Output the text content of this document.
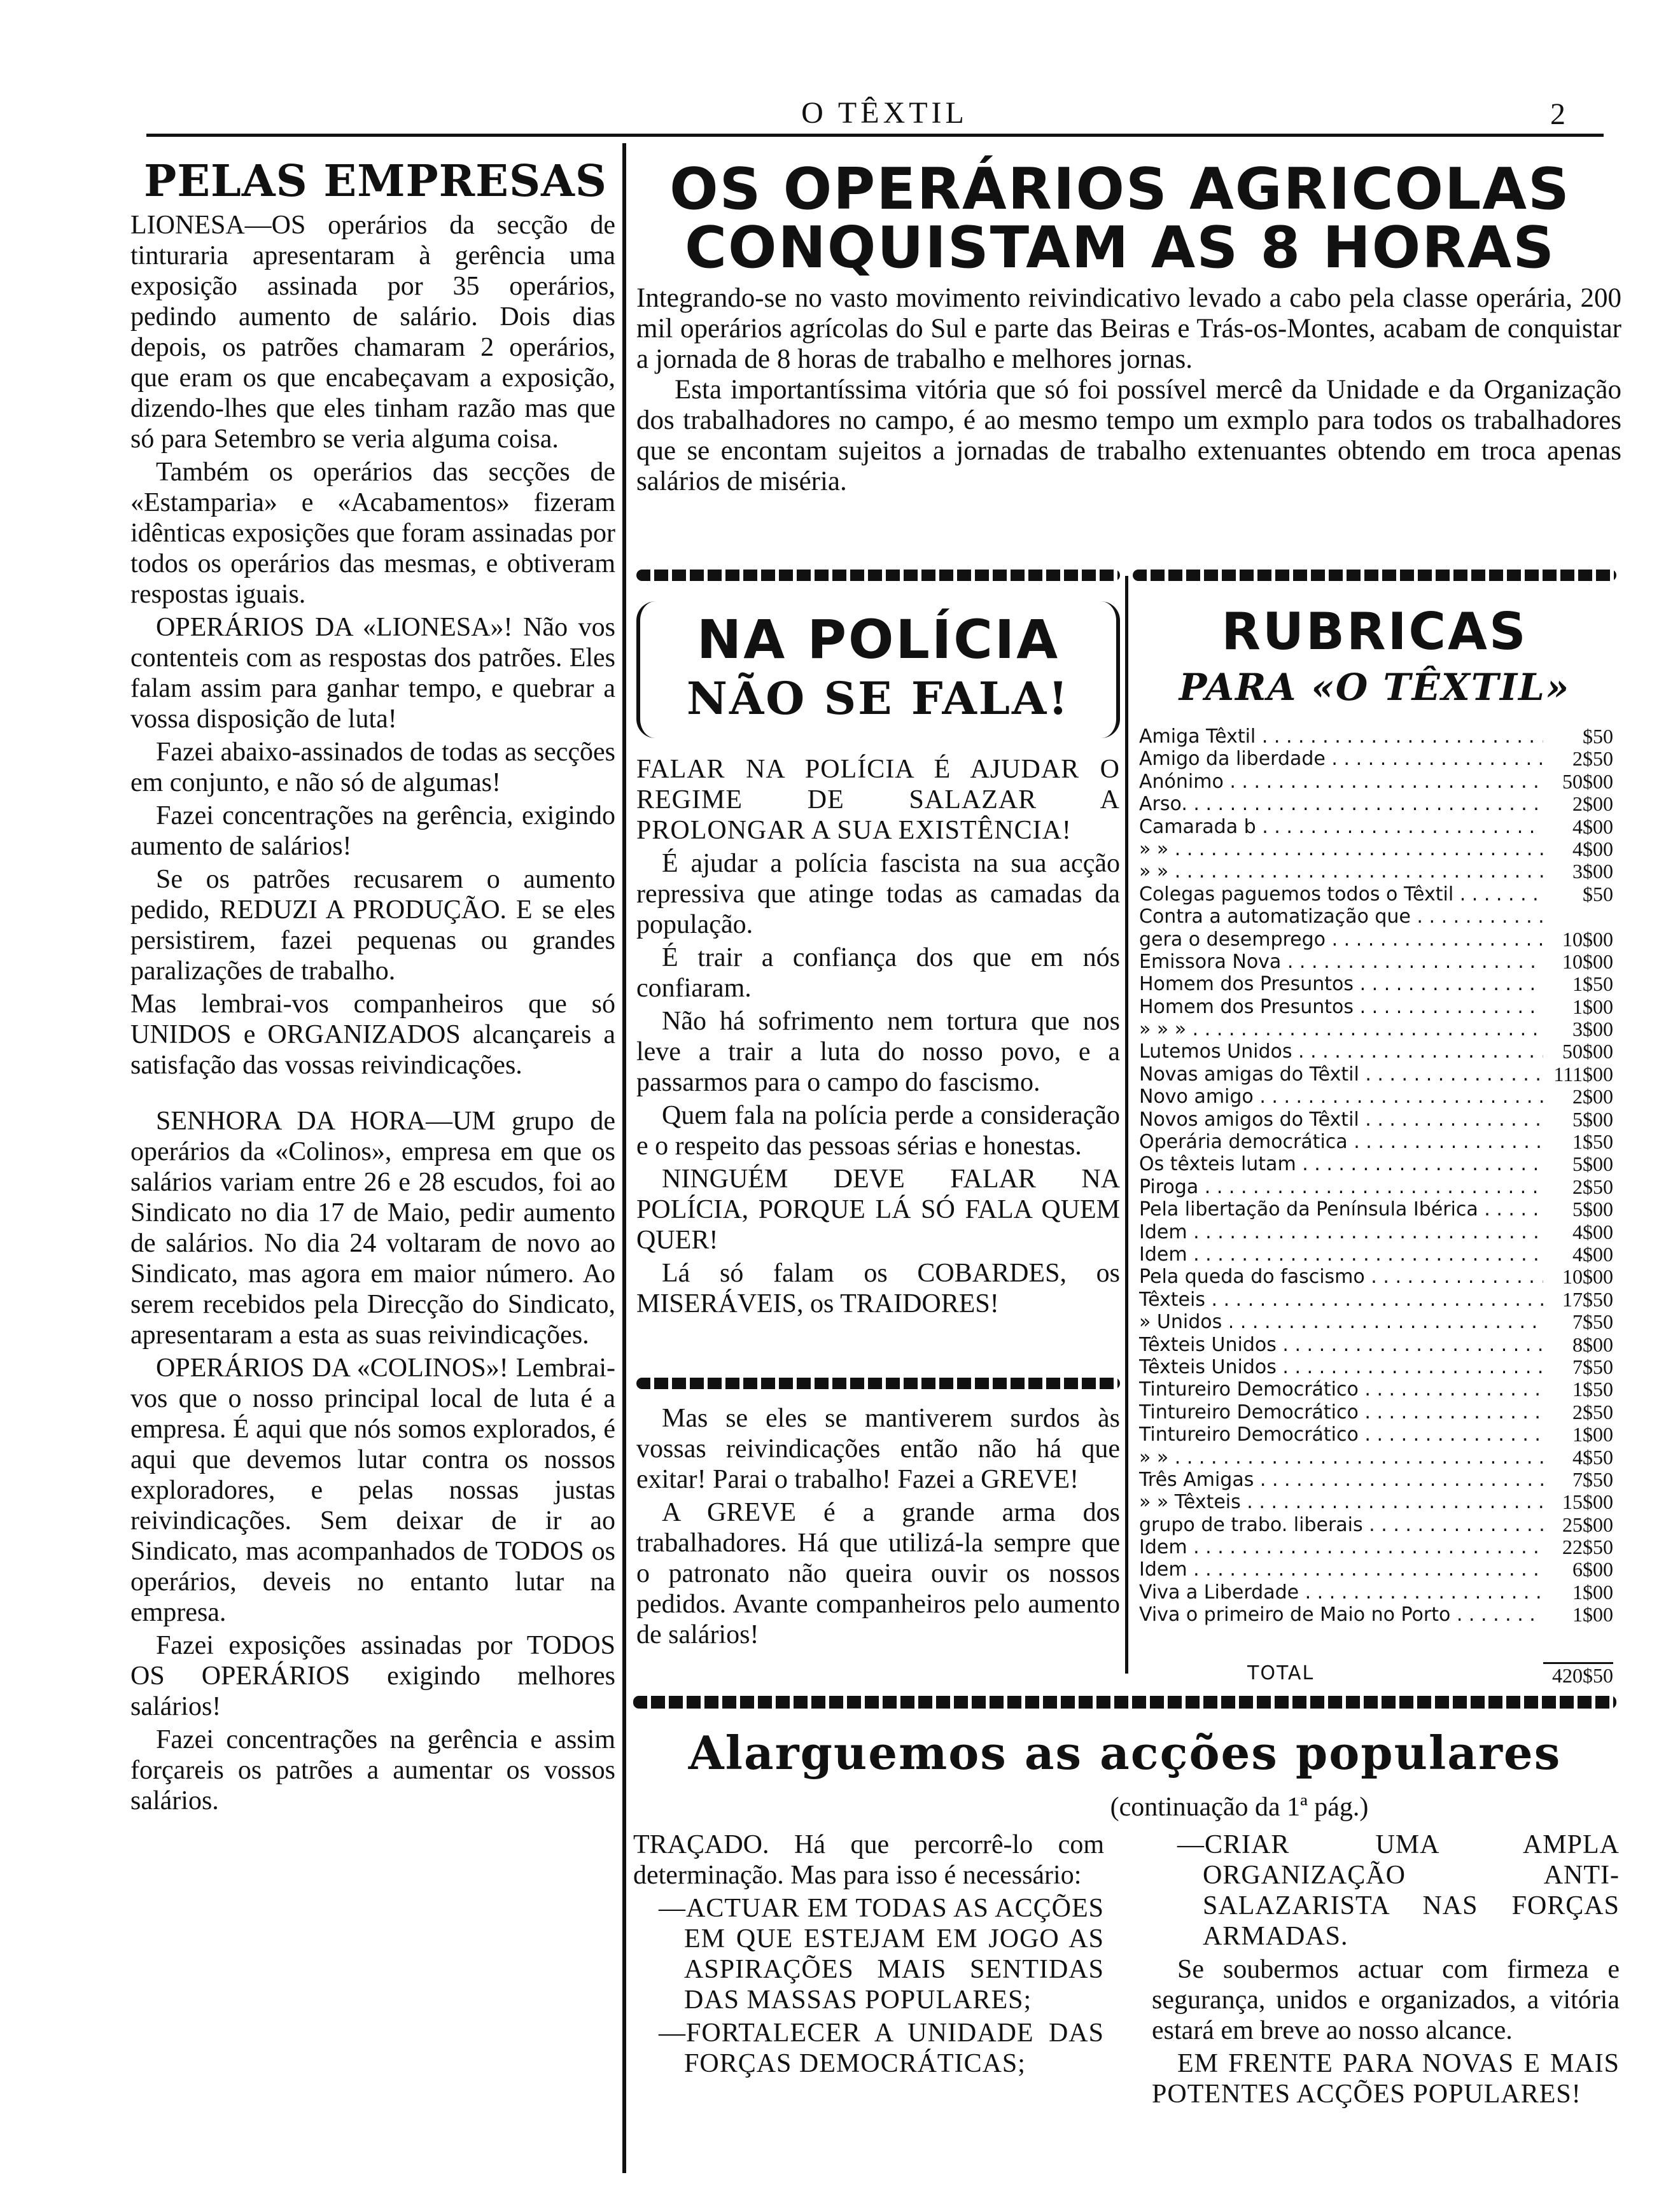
O TÊXTIL	2
PELAS EMPRESAS

LIONESA—OS operários da secção de tinturaria apresentaram à gerência uma exposição assinada por 35 operários, pedindo aumento de salário. Dois dias depois, os patrões chamaram 2 operários, que eram os que encabeçavam a exposição, dizendo-lhes que eles tinham razão mas que só para Setembro se veria alguma coisa.

Também os operários das secções de «Estamparia» e «Acabamentos» fizeram idênticas exposições que foram assinadas por todos os operários das mesmas, e obtiveram respostas iguais.

OPERÁRIOS DA «LIONESA»! Não vos contenteis com as respostas dos patrões. Eles falam assim para ganhar tempo, e quebrar a vossa disposição de luta!

Fazei abaixo-assinados de todas as secções em conjunto, e não só de algumas!

Fazei concentrações na gerência, exigindo aumento de salários!

Se os patrões recusarem o aumento pedido, REDUZI A PRODUÇÃO. E se eles persistirem, fazei pequenas ou grandes paralizações de trabalho.

Mas lembrai-vos companheiros que só UNIDOS e ORGANIZADOS alcançareis a satisfação das vossas reivindicações.

SENHORA DA HORA—UM grupo de operários da «Colinos», empresa em que os salários variam entre 26 e 28 escudos, foi ao Sindicato no dia 17 de Maio, pedir aumento de salários. No dia 24 voltaram de novo ao Sindicato, mas agora em maior número. Ao serem recebidos pela Direcção do Sindicato, apresentaram a esta as suas reivindicações.

OPERÁRIOS DA «COLINOS»! Lembrai-vos que o nosso principal local de luta é a empresa. É aqui que nós somos explorados, é aqui que devemos lutar contra os nossos exploradores, e pelas nossas justas reivindicações. Sem deixar de ir ao Sindicato, mas acompanhados de TODOS os operários, deveis no entanto lutar na empresa.

Fazei exposições assinadas por TODOS OS OPERÁRIOS exigindo melhores salários!

Fazei concentrações na gerência e assim forçareis os patrões a aumentar os vossos salários.

OS OPERÁRIOS AGRICOLAS
CONQUISTAM AS 8 HORAS

Integrando-se no vasto movimento reivindicativo levado a cabo pela classe operária, 200 mil operários agrícolas do Sul e parte das Beiras e Trás-os-Montes, acabam de conquistar a jornada de 8 horas de trabalho e melhores jornas.

Esta importantíssima vitória que só foi possível mercê da Unidade e da Organização dos trabalhadores no campo, é ao mesmo tempo um exmplo para todos os trabalhadores que se encontam sujeitos a jornadas de trabalho extenuantes obtendo em troca apenas salários de miséria.

NA POLÍCIA
NÃO SE FALA!

FALAR NA POLÍCIA É AJUDAR O REGIME DE SALAZAR A PROLONGAR A SUA EXISTÊNCIA!

É ajudar a polícia fascista na sua acção repressiva que atinge todas as camadas da população.

É trair a confiança dos que em nós confiaram.

Não há sofrimento nem tortura que nos leve a trair a luta do nosso povo, e a passarmos para o campo do fascismo.

Quem fala na polícia perde a consideração e o respeito das pessoas sérias e honestas.

NINGUÉM DEVE FALAR NA POLÍCIA, PORQUE LÁ SÓ FALA QUEM QUER!

Lá só falam os COBARDES, os MISERÁVEIS, os TRAIDORES!

Mas se eles se mantiverem surdos às vossas reivindicações então não há que exitar! Parai o trabalho! Fazei a GREVE!

A GREVE é a grande arma dos trabalhadores. Há que utilizá-la sempre que o patronato não queira ouvir os nossos pedidos. Avante companheiros pelo aumento de salários!

RUBRICAS
PARA «O TÊXTIL»
Amiga Têxtil . . .	$50
Amigo da liberdade . . .	2$50
Anónimo . . .	50$00
Arso. . . .	2$00
Camarada b . . .	4$00
» » . . .	4$00
» » . . .	3$00
Colegas paguemos todos o Têxtil . . .	$50
Contra a automatização que . . .
gera o desemprego . . .	10$00
Emissora Nova . . .	10$00
Homem dos Presuntos . . .	1$50
Homem dos Presuntos . . .	1$00
» » » . . .	3$00
Lutemos Unidos . . .	50$00
Novas amigas do Têxtil . . .	111$00
Novo amigo . . .	2$00
Novos amigos do Têxtil . . .	5$00
Operária democrática . . .	1$50
Os têxteis lutam . . .	5$00
Piroga . . .	2$50
Pela libertação da Península Ibérica . . .	5$00
Idem . . .	4$00
Idem . . .	4$00
Pela queda do fascismo . . .	10$00
Têxteis . . .	17$50
» Unidos . . .	7$50
Têxteis Unidos . . .	8$00
Têxteis Unidos . . .	7$50
Tintureiro Democrático . . .	1$50
Tintureiro Democrático . . .	2$50
Tintureiro Democrático . . .	1$00
» » . . .	4$50
Três Amigas . . .	7$50
» » Têxteis . . .	15$00
grupo de trabo. liberais . . .	25$00
Idem . . .	22$50
Idem . . .	6$00
Viva a Liberdade . . .	1$00
Viva o primeiro de Maio no Porto . . .	1$00
TOTAL	420$50
Alarguemos as acções populares
(continuação da 1ª pág.)

TRAÇADO. Há que percorrê-lo com determinação. Mas para isso é necessário:

—ACTUAR EM TODAS AS ACÇÕES EM QUE ESTEJAM EM JOGO AS ASPIRAÇÕES MAIS SENTIDAS DAS MASSAS POPULARES;

—FORTALECER A UNIDADE DAS FORÇAS DEMOCRÁTICAS;

—CRIAR UMA AMPLA ORGANIZAÇÃO ANTI-SALAZARISTA NAS FORÇAS ARMADAS.

Se soubermos actuar com firmeza e segurança, unidos e organizados, a vitória estará em breve ao nosso alcance.

EM FRENTE PARA NOVAS E MAIS POTENTES ACÇÕES POPULARES!
